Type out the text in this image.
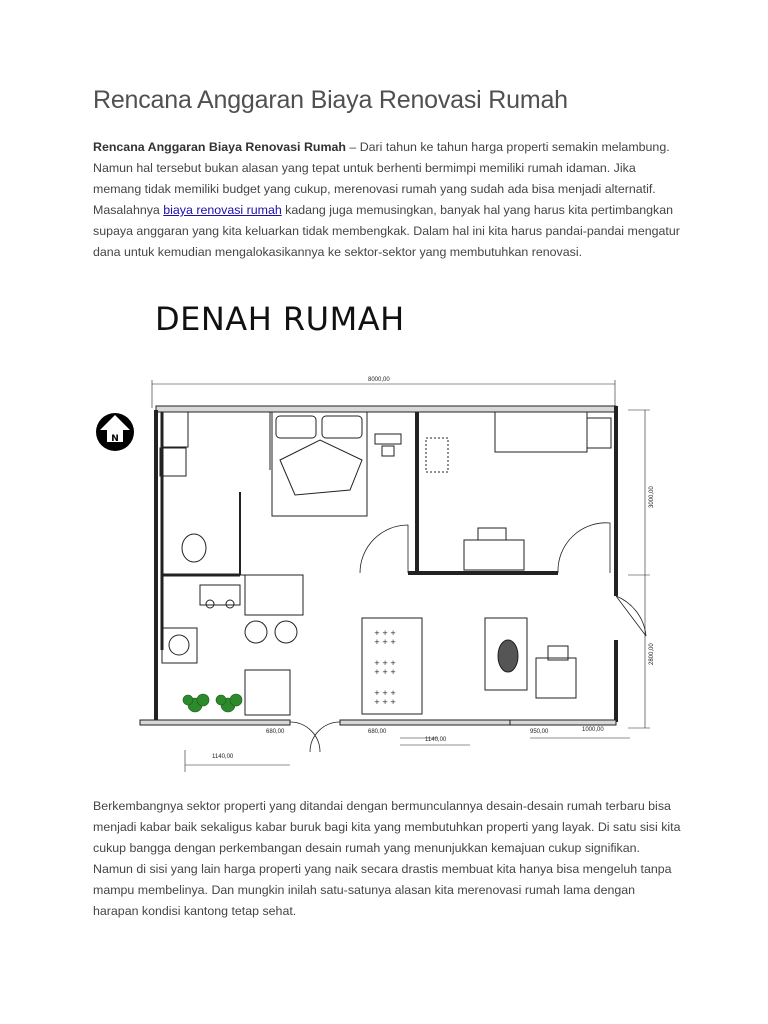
Rencana Anggaran Biaya Renovasi Rumah

Rencana Anggaran Biaya Renovasi Rumah – Dari tahun ke tahun harga properti semakin melambung. Namun hal tersebut bukan alasan yang tepat untuk berhenti bermimpi memiliki rumah idaman. Jika memang tidak memiliki budget yang cukup, merenovasi rumah yang sudah ada bisa menjadi alternatif. Masalahnya biaya renovasi rumah kadang juga memusingkan, banyak hal yang harus kita pertimbangkan supaya anggaran yang kita keluarkan tidak membengkak. Dalam hal ini kita harus pandai-pandai mengatur dana untuk kemudian mengalokasikannya ke sektor-sektor yang membutuhkan renovasi.

DENAH RUMAH
+ + +
+ + +
+ + +
+ + +
+ + +
+ + +
N
8000,00
3000,00
2800,00
1140,00
680,00	680,00
1140,00
950,00	1000,00

Berkembangnya sektor properti yang ditandai dengan bermunculannya desain-desain rumah terbaru bisa menjadi kabar baik sekaligus kabar buruk bagi kita yang membutuhkan properti yang layak. Di satu sisi kita cukup bangga dengan perkembangan desain rumah yang menunjukkan kemajuan cukup signifikan. Namun di sisi yang lain harga properti yang naik secara drastis membuat kita hanya bisa mengeluh tanpa mampu membelinya. Dan mungkin inilah satu-satunya alasan kita merenovasi rumah lama dengan harapan kondisi kantong tetap sehat.
